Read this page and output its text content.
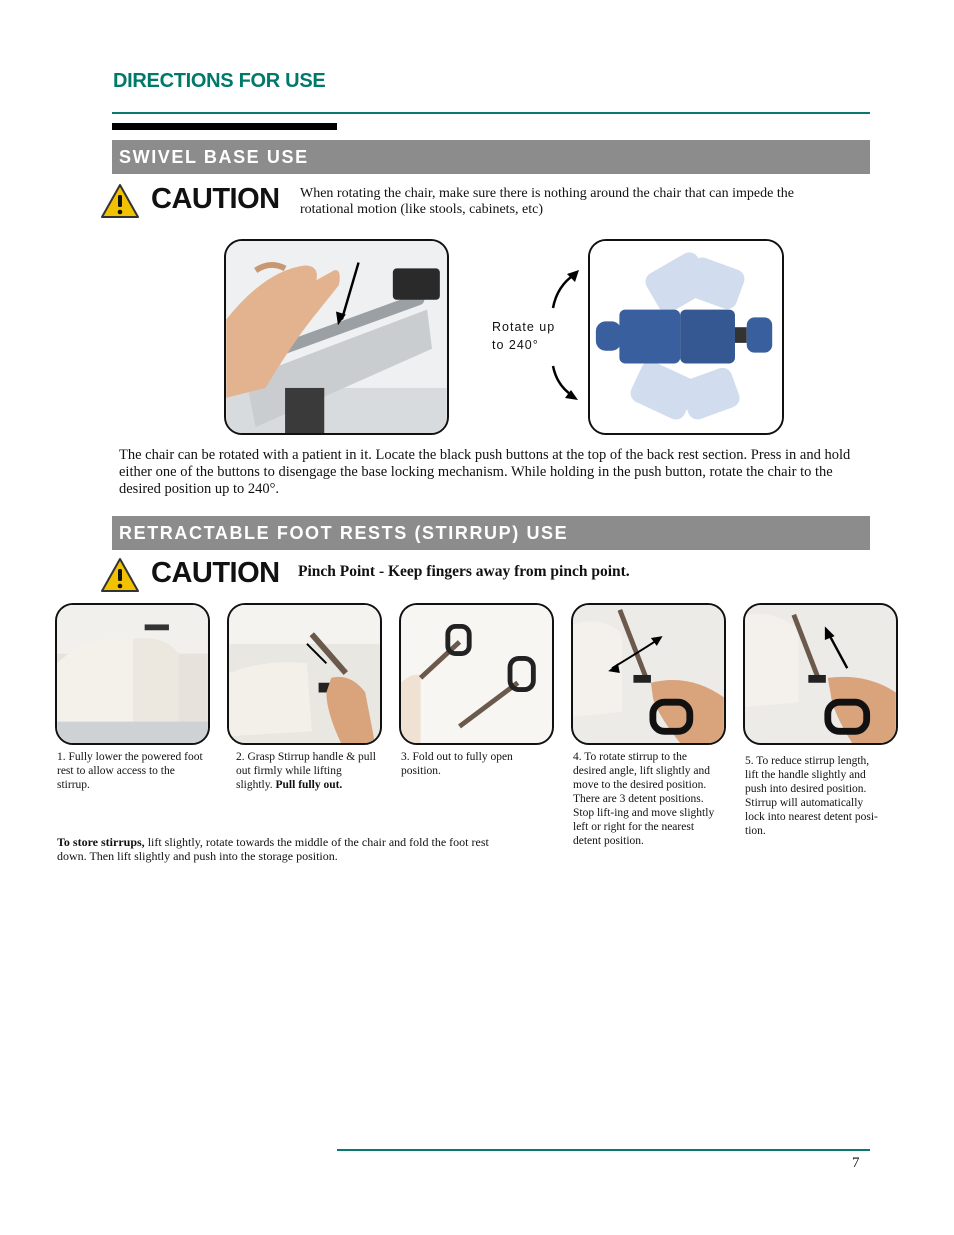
DIRECTIONS FOR USE
SWIVEL BASE USE
CAUTION When rotating the chair, make sure there is nothing around the chair that can impede the rotational motion (like stools, cabinets, etc)
Rotate up
to 240°
The chair can be rotated with a patient in it. Locate the black push buttons at the top of the back rest section. Press in and hold either one of the buttons to disengage the base locking mechanism. While holding in the push button, rotate the chair to the desired position up to 240°.
RETRACTABLE FOOT RESTS (STIRRUP) USE
CAUTION Pinch Point - Keep fingers away from pinch point.
1. Fully lower the powered foot rest to allow access to the stirrup.
2. Grasp Stirrup handle & pull out firmly while lifting slightly. Pull fully out.
3. Fold out to fully open position.
4. To rotate stirrup to the desired angle, lift slightly and move to the desired position. There are 3 detent positions. Stop lift-ing and move slightly left or right for the nearest detent position.
5. To reduce stirrup length, lift the handle slightly and push into desired position. Stirrup will automatically lock into nearest detent posi-tion.
To store stirrups, lift slightly, rotate towards the middle of the chair and fold the foot rest down. Then lift slightly and push into the storage position.
7
